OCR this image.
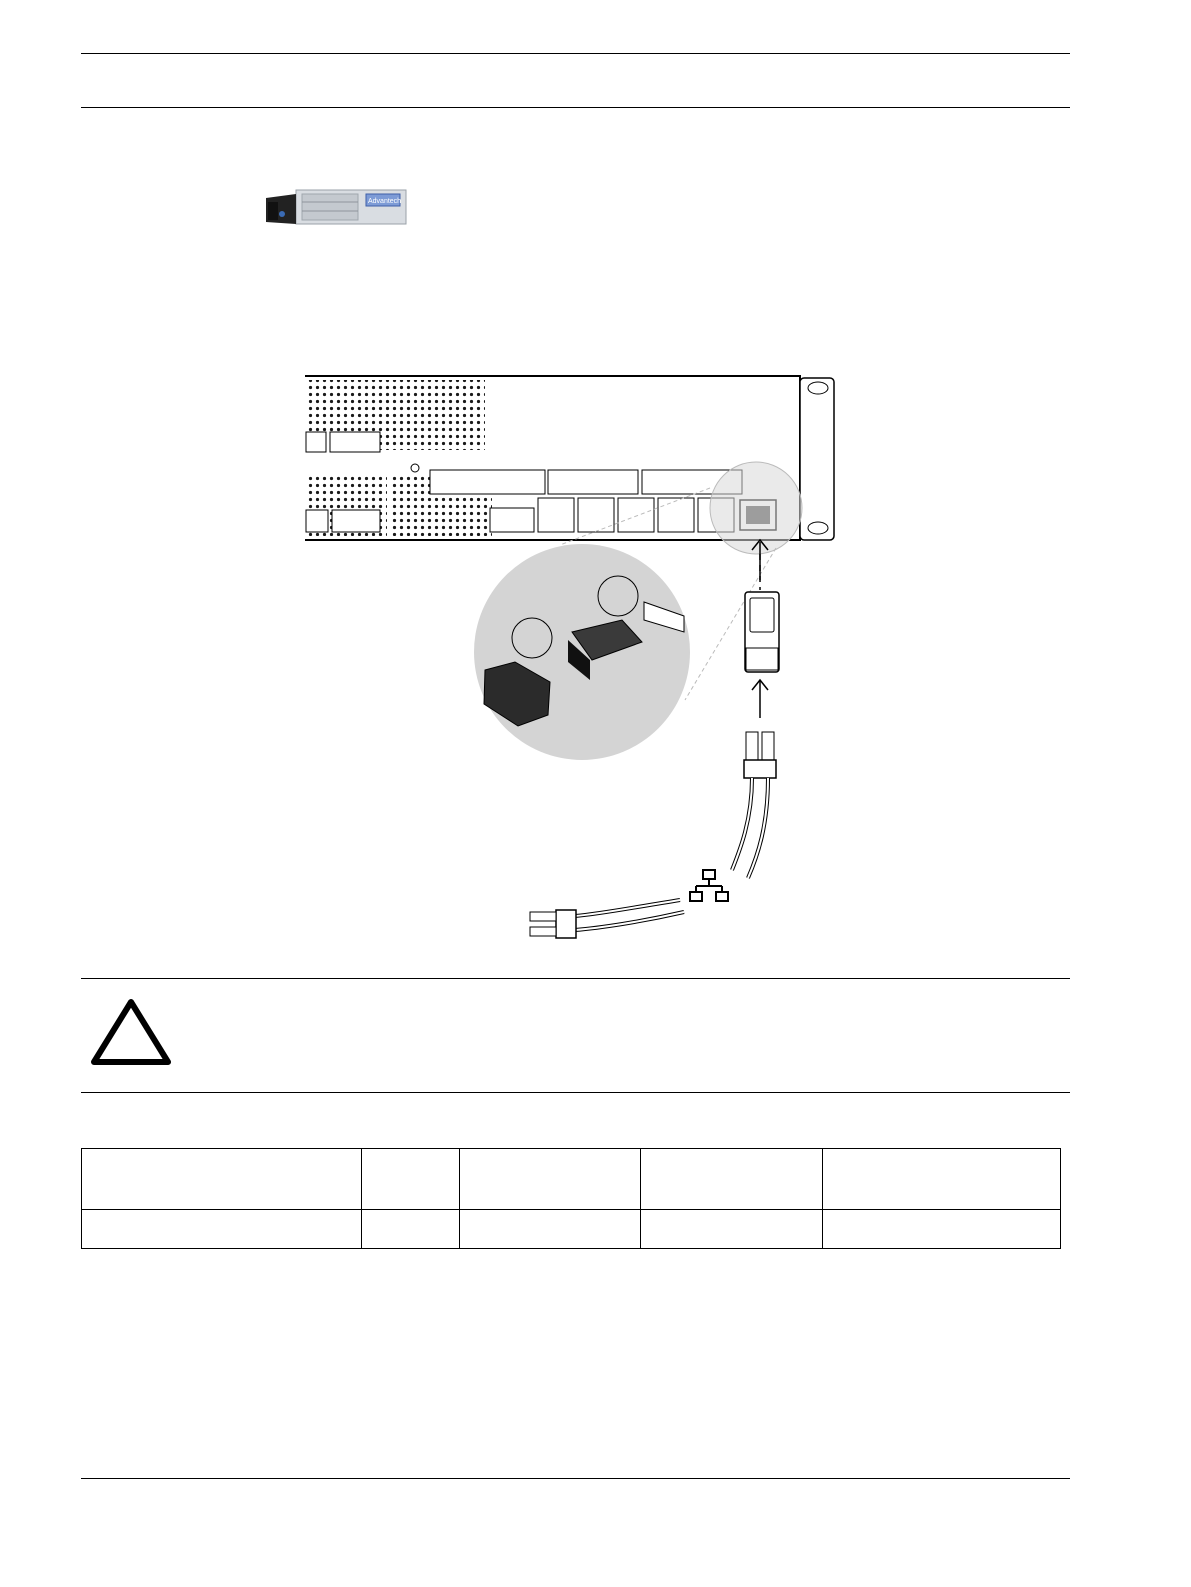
Advantech
